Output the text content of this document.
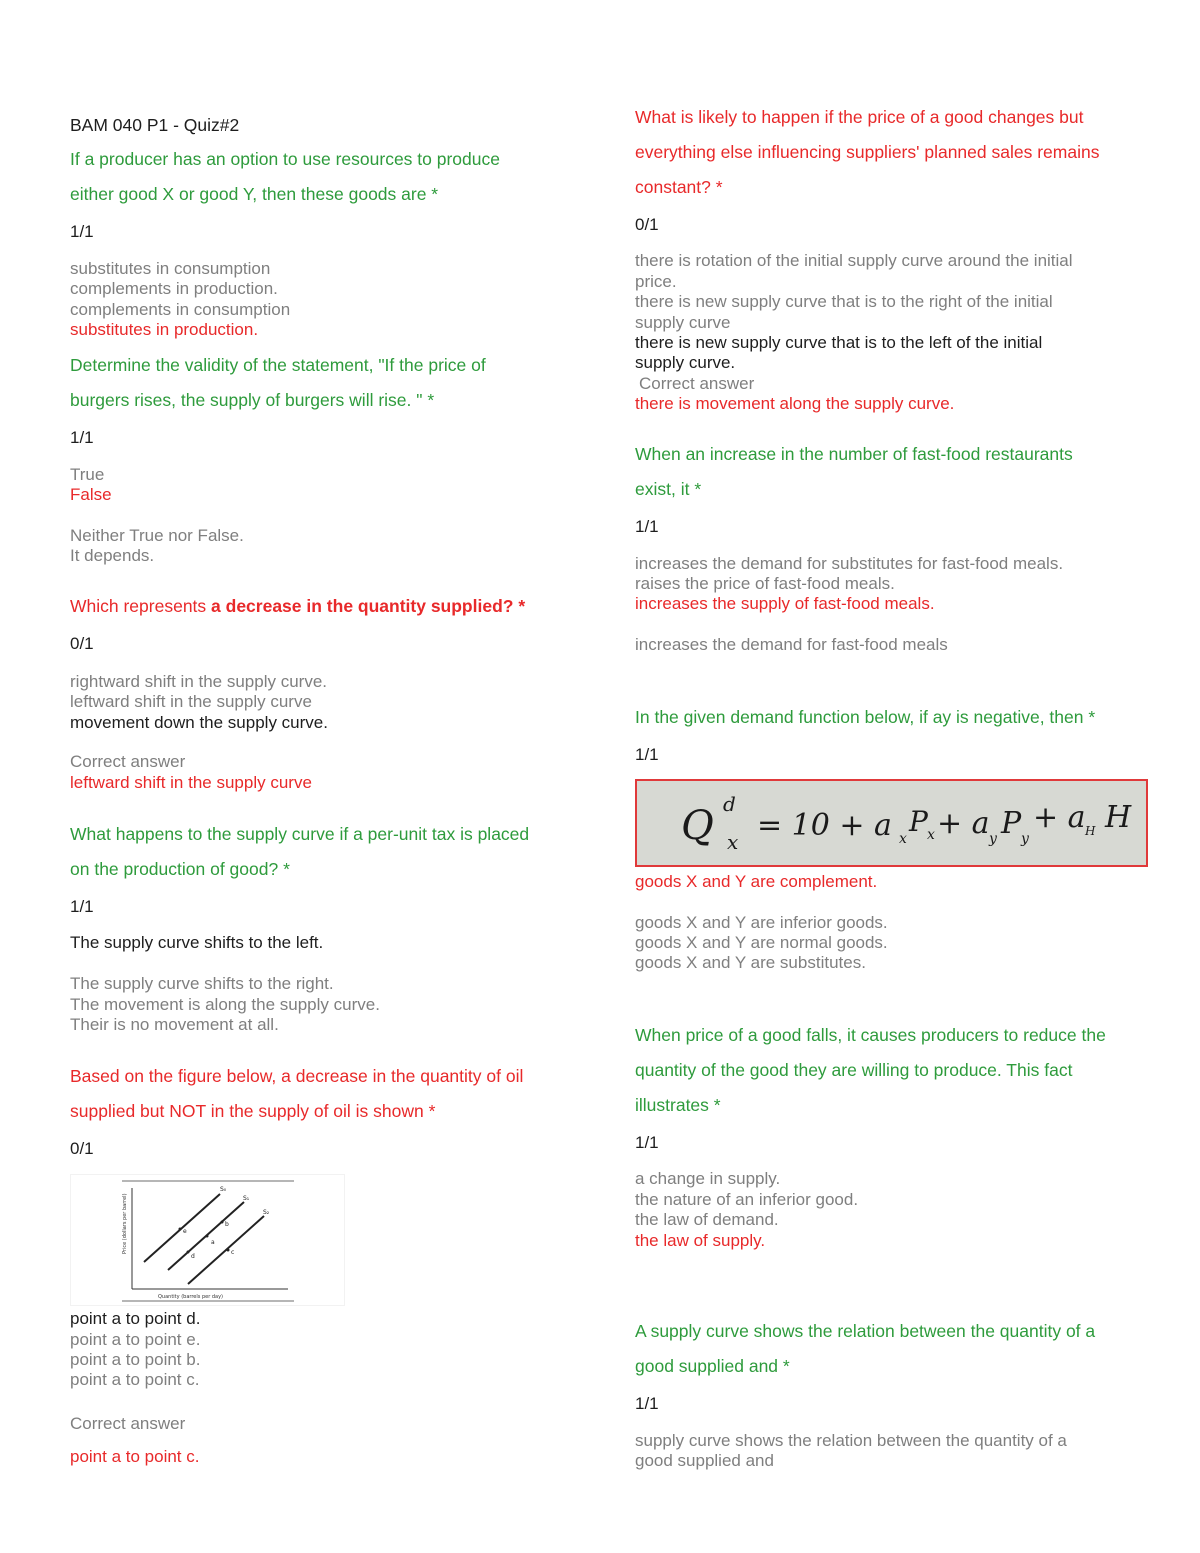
BAM 040 P1 - Quiz#2
If a producer has an option to use resources to produce
either good X or good Y, then these goods are *
1/1
substitutes in consumption
complements in production.
complements in consumption
substitutes in production.
Determine the validity of the statement, "If the price of
burgers rises, the supply of burgers will rise. " *
1/1
True
False
Neither True nor False.
It depends.
Which represents a decrease in the quantity supplied? *
0/1
rightward shift in the supply curve.
leftward shift in the supply curve
movement down the supply curve.
Correct answer
leftward shift in the supply curve
What happens to the supply curve if a per-unit tax is placed
on the production of good? *
1/1
The supply curve shifts to the left.
The supply curve shifts to the right.
The movement is along the supply curve.
Their is no movement at all.
Based on the figure below, a decrease in the quantity of oil
supplied but NOT in the supply of oil is shown *
0/1
S₀
S₁
S₂
a
b
c
d
e
Price (dollars per barrel)
Quantity (barrels per day)
point a to point d.
point a to point e.
point a to point b.
point a to point c.
Correct answer
point a to point c.
What is likely to happen if the price of a good changes but
everything else influencing suppliers' planned sales remains
constant? *
0/1
there is rotation of the initial supply curve around the initial
price.
there is new supply curve that is to the right of the initial
supply curve
there is new supply curve that is to the left of the initial
supply curve.
Correct answer
there is movement along the supply curve.
When an increase in the number of fast-food restaurants
exist, it *
1/1
increases the demand for substitutes for fast-food meals.
raises the price of fast-food meals.
increases the supply of fast-food meals.
increases the demand for fast-food meals
In the given demand function below, if ay is negative, then *
1/1
Q d
x = 10 + a x
P x + a y P y
+ a H H
goods X and Y are complement.
goods X and Y are inferior goods.
goods X and Y are normal goods.
goods X and Y are substitutes.
When price of a good falls, it causes producers to reduce the
quantity of the good they are willing to produce. This fact
illustrates *
1/1
a change in supply.
the nature of an inferior good.
the law of demand.
the law of supply.
A supply curve shows the relation between the quantity of a
good supplied and *
1/1
supply curve shows the relation between the quantity of a
good supplied and
